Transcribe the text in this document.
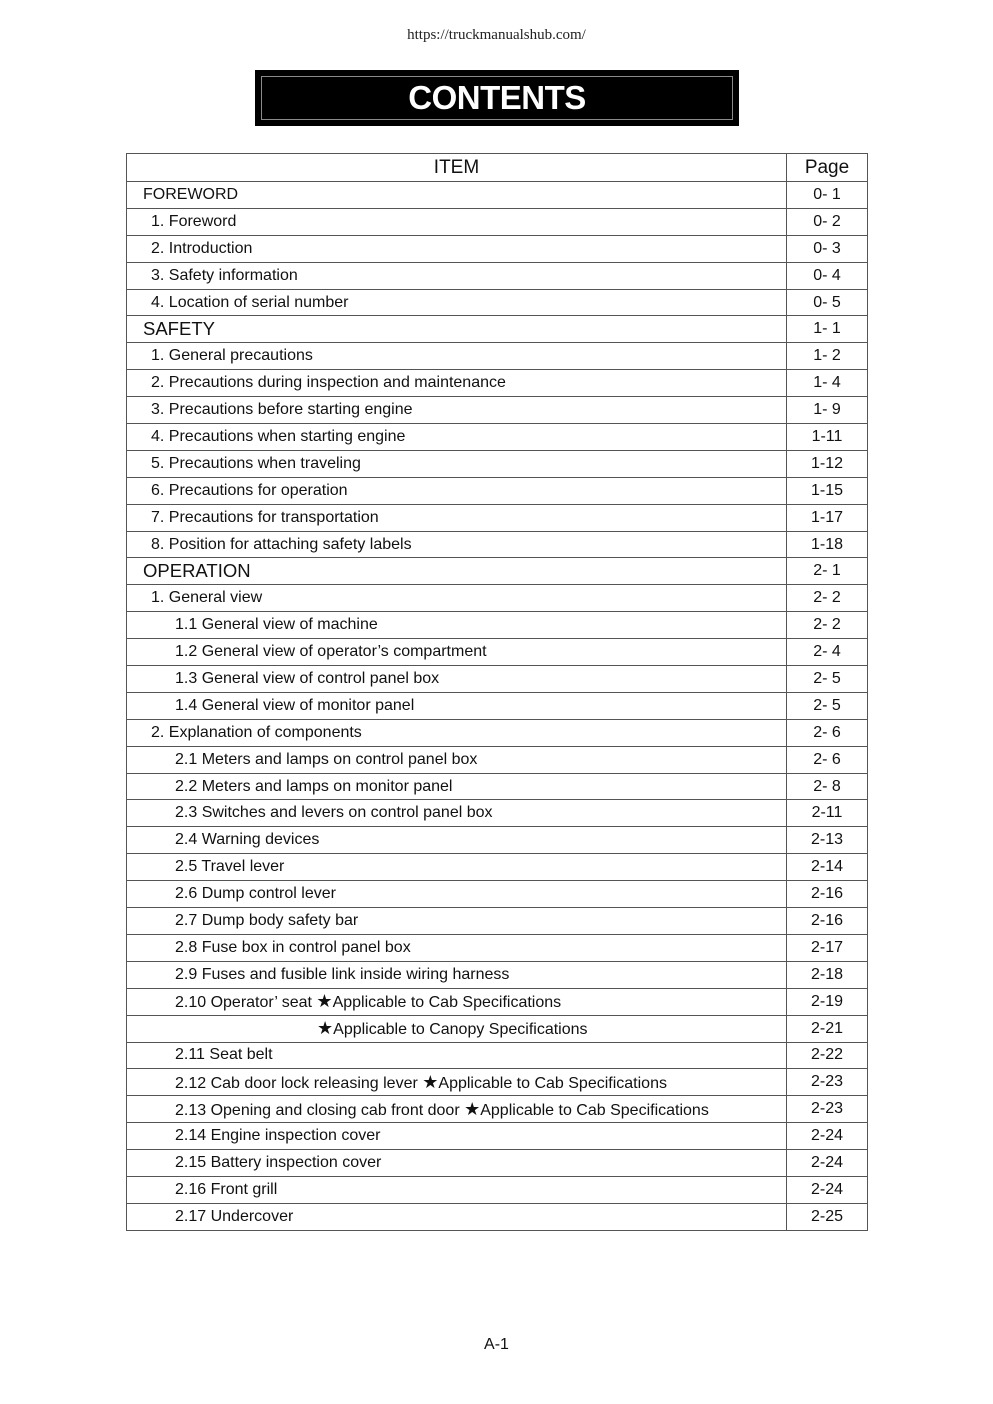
https://truckmanualshub.com/
CONTENTS
ITEM	Page
FOREWORD	0- 1
1. Foreword	0- 2
2. Introduction	0- 3
3. Safety information	0- 4
4. Location of serial number	0- 5
SAFETY	1- 1
1. General precautions	1- 2
2. Precautions during inspection and maintenance	1- 4
3. Precautions before starting engine	1- 9
4. Precautions when starting engine	1-11
5. Precautions when traveling	1-12
6. Precautions for operation	1-15
7. Precautions for transportation	1-17
8. Position for attaching safety labels	1-18
OPERATION	2- 1
1. General view	2- 2
1.1 General view of machine	2- 2
1.2 General view of operator’s compartment	2- 4
1.3 General view of control panel box	2- 5
1.4 General view of monitor panel	2- 5
2. Explanation of components	2- 6
2.1 Meters and lamps on control panel box	2- 6
2.2 Meters and lamps on monitor panel	2- 8
2.3 Switches and levers on control panel box	2-11
2.4 Warning devices	2-13
2.5 Travel lever	2-14
2.6 Dump control lever	2-16
2.7 Dump body safety bar	2-16
2.8 Fuse box in control panel box	2-17
2.9 Fuses and fusible link inside wiring harness	2-18
2.10 Operator’ seat ★Applicable to Cab Specifications	2-19
★Applicable to Canopy Specifications	2-21
2.11 Seat belt	2-22
2.12 Cab door lock releasing lever ★Applicable to Cab Specifications	2-23
2.13 Opening and closing cab front door ★Applicable to Cab Specifications	2-23
2.14 Engine inspection cover	2-24
2.15 Battery inspection cover	2-24
2.16 Front grill	2-24
2.17 Undercover	2-25
A-1
